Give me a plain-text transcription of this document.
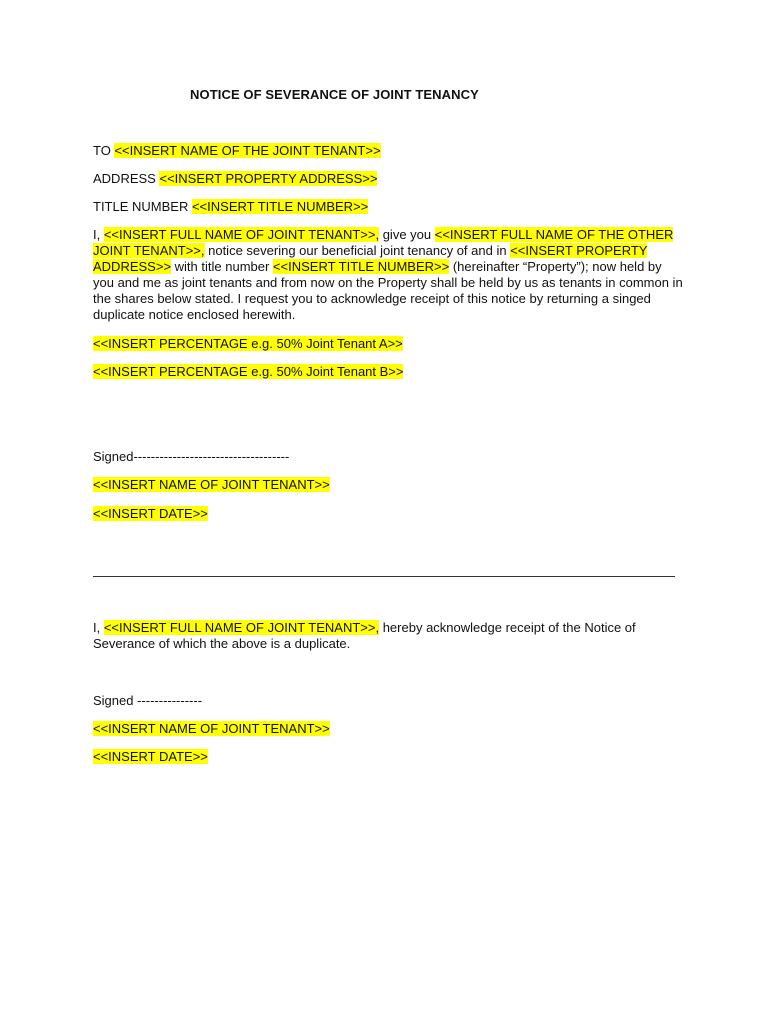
NOTICE OF SEVERANCE OF JOINT TENANCY
TO <<INSERT NAME OF THE JOINT TENANT>>
ADDRESS <<INSERT PROPERTY ADDRESS>>
TITLE NUMBER <<INSERT TITLE NUMBER>>
I, <<INSERT FULL NAME OF JOINT TENANT>>, give you <<INSERT FULL NAME OF THE OTHER JOINT TENANT>>, notice severing our beneficial joint tenancy of and in <<INSERT PROPERTY ADDRESS>> with title number <<INSERT TITLE NUMBER>> (hereinafter “Property”); now held by you and me as joint tenants and from now on the Property shall be held by us as tenants in common in the shares below stated. I request you to acknowledge receipt of this notice by returning a singed duplicate notice enclosed herewith.
<<INSERT PERCENTAGE e.g. 50% Joint Tenant A>>
<<INSERT PERCENTAGE e.g. 50% Joint Tenant B>>
Signed------------------------------------
<<INSERT NAME OF JOINT TENANT>>
<<INSERT DATE>>
I, <<INSERT FULL NAME OF JOINT TENANT>>, hereby acknowledge receipt of the Notice of Severance of which the above is a duplicate.
Signed ---------------
<<INSERT NAME OF JOINT TENANT>>
<<INSERT DATE>>
